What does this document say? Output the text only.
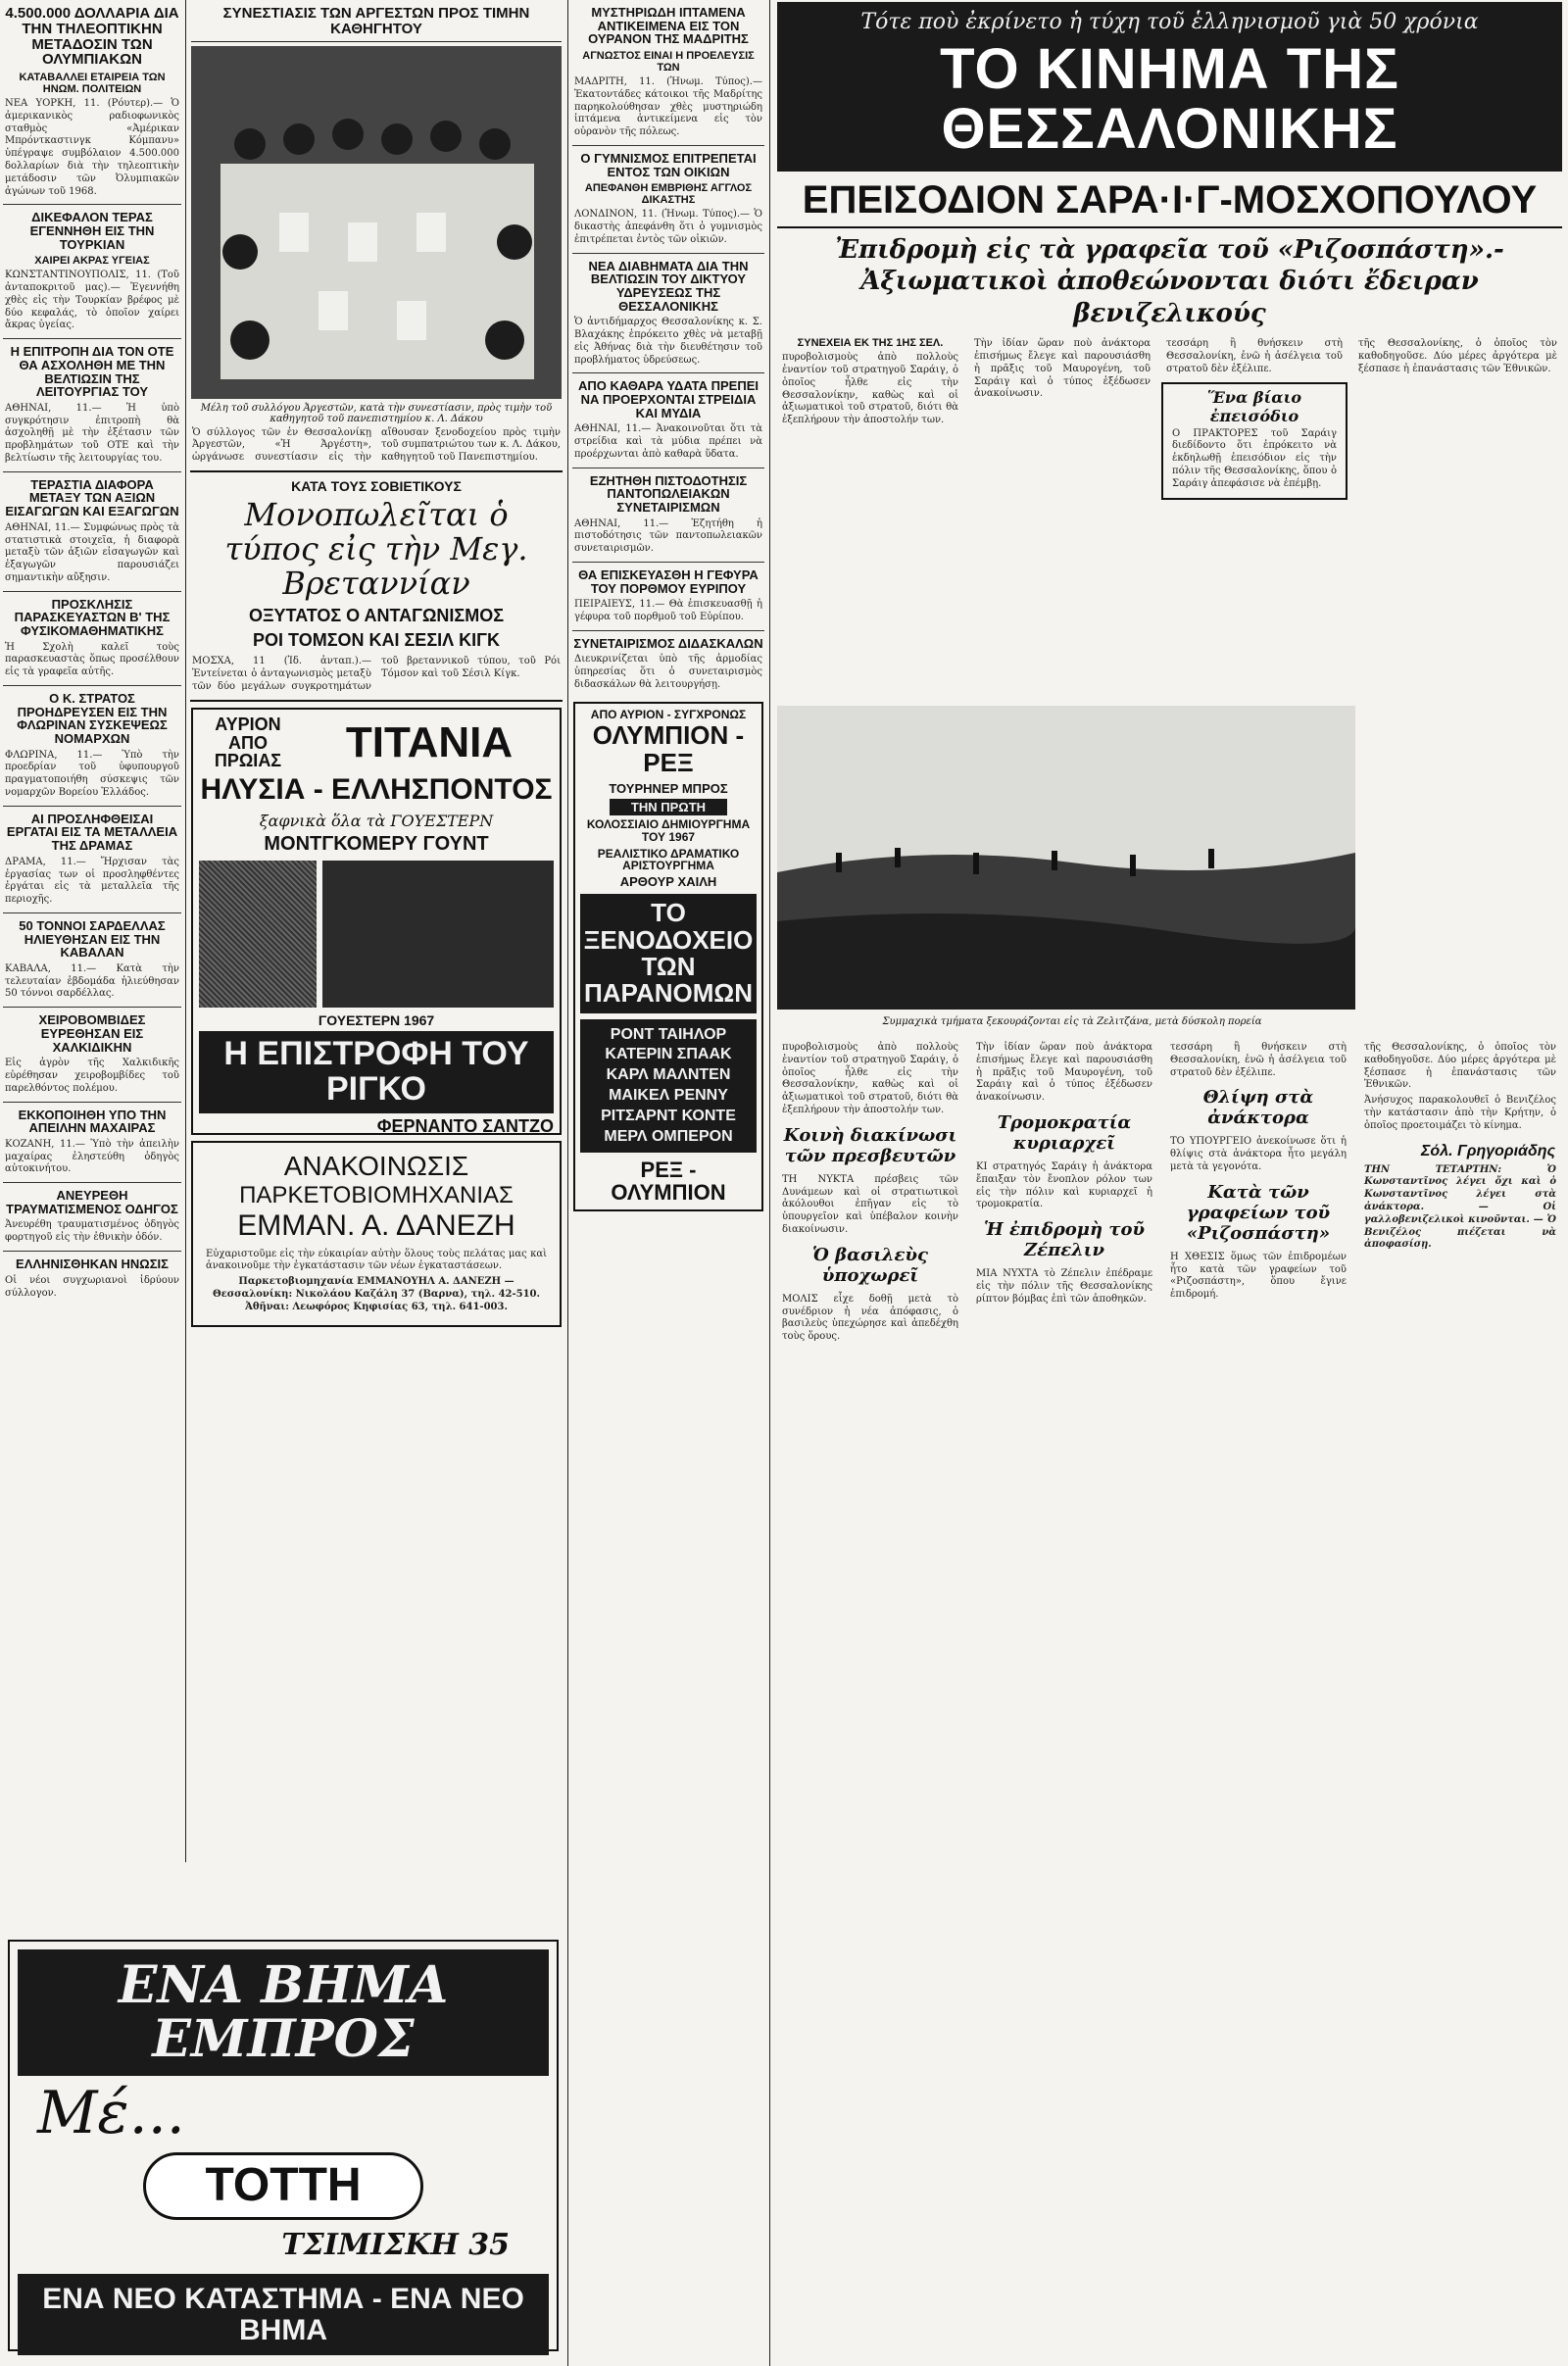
4.500.000 ΔΟΛΛΑΡΙΑ ΔΙΑ ΤΗΝ ΤΗΛΕΟΠΤΙΚΗΝ ΜΕΤΑΔΟΣΙΝ ΤΩΝ ΟΛΥΜΠΙΑΚΩΝ
ΚΑΤΑΒΑΛΛΕΙ ΕΤΑΙΡΕΙΑ ΤΩΝ ΗΝΩΜ. ΠΟΛΙΤΕΙΩΝ
ΝΕΑ ΥΟΡΚΗ, 11. (Ρόυτερ).— Ὁ ἀμερικανικὸς ραδιοφωνικὸς σταθμὸς «Ἀμέρικαν Μπρόντκαστινγκ Κόμπανυ» ὑπέγραψε συμβόλαιον 4.500.000 δολλαρίων διὰ τὴν τηλεοπτικὴν μετάδοσιν τῶν Ὀλυμπιακῶν ἀγώνων τοῦ 1968.
ΔΙΚΕΦΑΛΟΝ ΤΕΡΑΣ ΕΓΕΝΝΗΘΗ ΕΙΣ ΤΗΝ ΤΟΥΡΚΙΑΝ
ΧΑΙΡΕΙ ΑΚΡΑΣ ΥΓΕΙΑΣ
ΚΩΝΣΤΑΝΤΙΝΟΥΠΟΛΙΣ, 11. (Τοῦ ἀνταποκριτοῦ μας).— Ἐγεννήθη χθὲς εἰς τὴν Τουρκίαν βρέφος μὲ δύο κεφαλάς, τὸ ὁποῖον χαίρει ἄκρας ὑγείας.
Η ΕΠΙΤΡΟΠΗ ΔΙΑ ΤΟΝ ΟΤΕ ΘΑ ΑΣΧΟΛΗΘΗ ΜΕ ΤΗΝ ΒΕΛΤΙΩΣΙΝ ΤΗΣ ΛΕΙΤΟΥΡΓΙΑΣ ΤΟΥ
ΑΘΗΝΑΙ, 11.— Ἡ ὑπὸ συγκρότησιν ἐπιτροπὴ θὰ ἀσχοληθῇ μὲ τὴν ἐξέτασιν τῶν προβλημάτων τοῦ ΟΤΕ καὶ τὴν βελτίωσιν τῆς λειτουργίας του.
ΤΕΡΑΣΤΙΑ ΔΙΑΦΟΡΑ ΜΕΤΑΞΥ ΤΩΝ ΑΞΙΩΝ ΕΙΣΑΓΩΓΩΝ ΚΑΙ ΕΞΑΓΩΓΩΝ
ΑΘΗΝΑΙ, 11.— Συμφώνως πρὸς τὰ στατιστικὰ στοιχεῖα, ἡ διαφορὰ μεταξὺ τῶν ἀξιῶν εἰσαγωγῶν καὶ ἐξαγωγῶν παρουσιάζει σημαντικὴν αὔξησιν.
ΠΡΟΣΚΛΗΣΙΣ ΠΑΡΑΣΚΕΥΑΣΤΩΝ Β' ΤΗΣ ΦΥΣΙΚΟΜΑΘΗΜΑΤΙΚΗΣ
Ἡ Σχολὴ καλεῖ τοὺς παρασκευαστὰς ὅπως προσέλθουν εἰς τὰ γραφεῖα αὐτῆς.
Ο Κ. ΣΤΡΑΤΟΣ ΠΡΟΗΔΡΕΥΣΕΝ ΕΙΣ ΤΗΝ ΦΛΩΡΙΝΑΝ ΣΥΣΚΕΨΕΩΣ ΝΟΜΑΡΧΩΝ
ΦΛΩΡΙΝΑ, 11.— Ὑπὸ τὴν προεδρίαν τοῦ ὑφυπουργοῦ πραγματοποιήθη σύσκεψις τῶν νομαρχῶν Βορείου Ἑλλάδος.
ΑΙ ΠΡΟΣΛΗΦΘΕΙΣΑΙ ΕΡΓΑΤΑΙ ΕΙΣ ΤΑ ΜΕΤΑΛΛΕΙΑ ΤΗΣ ΔΡΑΜΑΣ
ΔΡΑΜΑ, 11.— Ἤρχισαν τὰς ἐργασίας των οἱ προσληφθέντες ἐργάται εἰς τὰ μεταλλεῖα τῆς περιοχῆς.
50 ΤΟΝΝΟΙ ΣΑΡΔΕΛΛΑΣ ΗΛΙΕΥΘΗΣΑΝ ΕΙΣ ΤΗΝ ΚΑΒΑΛΑΝ
ΚΑΒΑΛΑ, 11.— Κατὰ τὴν τελευταίαν ἑβδομάδα ἡλιεύθησαν 50 τόννοι σαρδέλλας.
ΧΕΙΡΟΒΟΜΒΙΔΕΣ ΕΥΡΕΘΗΣΑΝ ΕΙΣ ΧΑΛΚΙΔΙΚΗΝ
Εἰς ἀγρὸν τῆς Χαλκιδικῆς εὑρέθησαν χειροβομβίδες τοῦ παρελθόντος πολέμου.
ΕΚΚΟΠΟΙΗΘΗ ΥΠΟ ΤΗΝ ΑΠΕΙΛΗΝ ΜΑΧΑΙΡΑΣ
ΚΟΖΑΝΗ, 11.— Ὑπὸ τὴν ἀπειλὴν μαχαίρας ἐληστεύθη ὁδηγὸς αὐτοκινήτου.
ΑΝΕΥΡΕΘΗ ΤΡΑΥΜΑΤΙΣΜΕΝΟΣ ΟΔΗΓΟΣ
Ἀνευρέθη τραυματισμένος ὁδηγὸς φορτηγοῦ εἰς τὴν ἐθνικὴν ὁδόν.
ΕΛΛΗΝΙΣΘΗΚΑΝ ΗΝΩΣΙΣ
Οἱ νέοι συγχωριανοὶ ἱδρύουν σύλλογον.
ΣΥΝΕΣΤΙΑΣΙΣ ΤΩΝ ΑΡΓΕΣΤΩΝ ΠΡΟΣ ΤΙΜΗΝ ΚΑΘΗΓΗΤΟΥ
Μέλη τοῦ συλλόγου Ἀργεστῶν, κατὰ τὴν συνεστίασιν, πρὸς τιμὴν τοῦ καθηγητοῦ τοῦ πανεπιστημίου κ. Λ. Δάκου
Ὁ σύλλογος τῶν ἐν Θεσσαλονίκῃ Ἀργεστῶν, «Ἡ Ἀργέστη», ὠργάνωσε συνεστίασιν εἰς τὴν αἴθουσαν ξενοδοχείου πρὸς τιμὴν τοῦ συμπατριώτου των κ. Λ. Δάκου, καθηγητοῦ τοῦ Πανεπιστημίου.
ΚΑΤΑ ΤΟΥΣ ΣΟΒΙΕΤΙΚΟΥΣ
Μονοπωλεῖται ὁ τύπος εἰς τὴν Μεγ. Βρεταννίαν
ΟΞΥΤΑΤΟΣ Ο ΑΝΤΑΓΩΝΙΣΜΟΣ
ΡΟΙ ΤΟΜΣΟΝ ΚΑΙ ΣΕΣΙΛ ΚΙΓΚ
ΜΟΣΧΑ, 11 (Ἰδ. ἀνταπ.).— Ἐντείνεται ὁ ἀνταγωνισμὸς μεταξὺ τῶν δύο μεγάλων συγκροτημάτων τοῦ βρεταννικοῦ τύπου, τοῦ Ρόι Τόμσον καὶ τοῦ Σέσιλ Κίγκ.
ΑΥΡΙΟΝ ΑΠΟ ΠΡΩΙΑΣ	ΤΙΤΑΝΙΑ
ΗΛΥΣΙΑ - ΕΛΛΗΣΠΟΝΤΟΣ
ξαφνικὰ ὅλα τὰ ΓΟΥΕΣΤΕΡΝ
ΜΟΝΤΓΚΟΜΕΡΥ ΓΟΥΝΤ
ΓΟΥΕΣΤΕΡΝ 1967
Η ΕΠΙΣΤΡΟΦΗ ΤΟΥ ΡΙΓΚΟ
ΦΕΡΝΑΝΤΟ ΣΑΝΤΖΟ
ΑΝΑΚΟΙΝΩΣΙΣ
ΠΑΡΚΕΤΟΒΙΟΜΗΧΑΝΙΑΣ
ΕΜΜΑΝ. Α. ΔΑΝΕΖΗ
Εὐχαριστοῦμε εἰς τὴν εὐκαιρίαν αὐτὴν ὅλους τοὺς πελάτας μας καὶ ἀνακοινοῦμε τὴν ἐγκατάστασιν τῶν νέων ἐγκαταστάσεων.
Παρκετοβιομηχανία ΕΜΜΑΝΟΥΗΛ Α. ΔΑΝΕΖΗ — Θεσσαλονίκη: Νικολάου Καζάλη 37 (Βαρνα), τηλ. 42-510. Ἀθῆναι: Λεωφόρος Κηφισίας 63, τηλ. 641-003.
ΜΥΣΤΗΡΙΩΔΗ ΙΠΤΑΜΕΝΑ ΑΝΤΙΚΕΙΜΕΝΑ ΕΙΣ ΤΟΝ ΟΥΡΑΝΟΝ ΤΗΣ ΜΑΔΡΙΤΗΣ
ΑΓΝΩΣΤΟΣ ΕΙΝΑΙ Η ΠΡΟΕΛΕΥΣΙΣ ΤΩΝ
ΜΑΔΡΙΤΗ, 11. (Ἡνωμ. Τύπος).— Ἑκατοντάδες κάτοικοι τῆς Μαδρίτης παρηκολούθησαν χθὲς μυστηριώδη ἱπτάμενα ἀντικείμενα εἰς τὸν οὐρανὸν τῆς πόλεως.
Ο ΓΥΜΝΙΣΜΟΣ ΕΠΙΤΡΕΠΕΤΑΙ ΕΝΤΟΣ ΤΩΝ ΟΙΚΙΩΝ
ΑΠΕΦΑΝΘΗ ΕΜΒΡΙΘΗΣ ΑΓΓΛΟΣ ΔΙΚΑΣΤΗΣ
ΛΟΝΔΙΝΟΝ, 11. (Ἡνωμ. Τύπος).— Ὁ δικαστὴς ἀπεφάνθη ὅτι ὁ γυμνισμὸς ἐπιτρέπεται ἐντὸς τῶν οἰκιῶν.
ΝΕΑ ΔΙΑΒΗΜΑΤΑ ΔΙΑ ΤΗΝ ΒΕΛΤΙΩΣΙΝ ΤΟΥ ΔΙΚΤΥΟΥ ΥΔΡΕΥΣΕΩΣ ΤΗΣ ΘΕΣΣΑΛΟΝΙΚΗΣ
Ὁ ἀντιδήμαρχος Θεσσαλονίκης κ. Σ. Βλαχάκης ἐπρόκειτο χθὲς νὰ μεταβῇ εἰς Ἀθήνας διὰ τὴν διευθέτησιν τοῦ προβλήματος ὑδρεύσεως.
ΑΠΟ ΚΑΘΑΡΑ ΥΔΑΤΑ ΠΡΕΠΕΙ ΝΑ ΠΡΟΕΡΧΟΝΤΑΙ ΣΤΡΕΙΔΙΑ ΚΑΙ ΜΥΔΙΑ
ΑΘΗΝΑΙ, 11.— Ἀνακοινοῦται ὅτι τὰ στρείδια καὶ τὰ μύδια πρέπει νὰ προέρχωνται ἀπὸ καθαρὰ ὕδατα.
ΕΖΗΤΗΘΗ ΠΙΣΤΟΔΟΤΗΣΙΣ ΠΑΝΤΟΠΩΛΕΙΑΚΩΝ ΣΥΝΕΤΑΙΡΙΣΜΩΝ
ΑΘΗΝΑΙ, 11.— Ἐζητήθη ἡ πιστοδότησις τῶν παντοπωλειακῶν συνεταιρισμῶν.
ΘΑ ΕΠΙΣΚΕΥΑΣΘΗ Η ΓΕΦΥΡΑ ΤΟΥ ΠΟΡΘΜΟΥ ΕΥΡΙΠΟΥ
ΠΕΙΡΑΙΕΥΣ, 11.— Θὰ ἐπισκευασθῇ ἡ γέφυρα τοῦ πορθμοῦ τοῦ Εὐρίπου.
ΣΥΝΕΤΑΙΡΙΣΜΟΣ ΔΙΔΑΣΚΑΛΩΝ
Διευκρινίζεται ὑπὸ τῆς ἀρμοδίας ὑπηρεσίας ὅτι ὁ συνεταιρισμὸς διδασκάλων θὰ λειτουργήσῃ.
ΑΠΟ ΑΥΡΙΟΝ - ΣΥΓΧΡΟΝΩΣ
ΟΛΥΜΠΙΟΝ - ΡΕΞ
ΤΟΥΡΗΝΕΡ ΜΠΡΟΣ
ΤΗΝ ΠΡΩΤΗ
ΚΟΛΟΣΣΙΑΙΟ ΔΗΜΙΟΥΡΓΗΜΑ ΤΟΥ 1967
ΡΕΑΛΙΣΤΙΚΟ ΔΡΑΜΑΤΙΚΟ ΑΡΙΣΤΟΥΡΓΗΜΑ
ΑΡΘΟΥΡ ΧΑΙΛΗ
ΤΟ ΞΕΝΟΔΟΧΕΙΟ ΤΩΝ ΠΑΡΑΝΟΜΩΝ
ΡΟΝΤ ΤΑΙΗΛΟΡ ΚΑΤΕΡΙΝ ΣΠΑΑΚ ΚΑΡΛ ΜΑΛΝΤΕΝ ΜΑΙΚΕΛ ΡΕΝΝΥ ΡΙΤΣΑΡΝΤ ΚΟΝΤΕ ΜΕΡΛ ΟΜΠΕΡΟΝ
ΡΕΞ - ΟΛΥΜΠΙΟΝ
Τότε ποὺ ἐκρίνετο ἡ τύχη τοῦ ἑλληνισμοῦ γιὰ 50 χρόνια
ΤΟ ΚΙΝΗΜΑ ΤΗΣ ΘΕΣΣΑΛΟΝΙΚΗΣ
ΕΠΕΙΣΟΔΙΟΝ ΣΑΡΑ·Ι·Γ-ΜΟΣΧΟΠΟΥΛΟΥ
Ἐπιδρομὴ εἰς τὰ γραφεῖα τοῦ «Ριζοσπάστη».- Ἀξιωματικοὶ ἀποθεώνονται διότι ἔδειραν βενιζελικούς
ΣΥΝΕΧΕΙΑ ΕΚ ΤΗΣ 1ΗΣ ΣΕΛ.
πυροβολισμοὺς ἀπὸ πολλοὺς ἐναντίον τοῦ στρατηγοῦ Σαράιγ, ὁ ὁποῖος ἦλθε εἰς τὴν Θεσσαλονίκην, καθὼς καὶ οἱ ἀξιωματικοὶ τοῦ στρατοῦ, διότι θὰ ἐξεπλήρουν τὴν ἀποστολήν των.
Τὴν ἰδίαν ὥραν ποὺ ἀνάκτορα ἐπισήμως ἔλεγε καὶ παρουσιάσθη ἡ πρᾶξις τοῦ Μαυρογένη, τοῦ Σαράιγ καὶ ὁ τύπος ἐξέδωσεν ἀνακοίνωσιν.
τεσσάρη ἢ θνήσκειν στὴ Θεσσαλονίκη, ἐνῶ ἡ ἀσέλγεια τοῦ στρατοῦ δὲν ἐξέλιπε.
Ἕνα βίαιο ἐπεισόδιο
Ο ΠΡΑΚΤΟΡΕΣ τοῦ Σαράιγ διεδίδοντο ὅτι ἐπρόκειτο νὰ ἐκδηλωθῇ ἐπεισόδιον εἰς τὴν πόλιν τῆς Θεσσαλονίκης, ὅπου ὁ Σαράιγ ἀπεφάσισε νὰ ἐπέμβῃ.
τῆς Θεσσαλονίκης, ὁ ὁποῖος τὸν καθοδηγοῦσε. Δύο μέρες ἀργότερα μὲ ξέσπασε ἡ ἐπανάστασις τῶν Ἐθνικῶν.
Συμμαχικὰ τμήματα ξεκουράζονται εἰς τὰ Ζελιτζάνα, μετὰ δύσκολη πορεία
πυροβολισμοὺς ἀπὸ πολλοὺς ἐναντίον τοῦ στρατηγοῦ Σαράιγ, ὁ ὁποῖος ἦλθε εἰς τὴν Θεσσαλονίκην, καθὼς καὶ οἱ ἀξιωματικοὶ τοῦ στρατοῦ, διότι θὰ ἐξεπλήρουν τὴν ἀποστολήν των.
Κοινὴ διακίνωσι τῶν πρεσβευτῶν
ΤΗ ΝΥΚΤΑ πρέσβεις τῶν Δυνάμεων καὶ οἱ στρατιωτικοὶ ἀκόλουθοι ἐπῆγαν εἰς τὸ ὑπουργεῖον καὶ ὑπέβαλον κοινὴν διακοίνωσιν.
Ὁ βασιλεὺς ὑποχωρεῖ
ΜΟΛΙΣ εἶχε δοθῇ μετὰ τὸ συνέδριον ἡ νέα ἀπόφασις, ὁ βασιλεὺς ὑπεχώρησε καὶ ἀπεδέχθη τοὺς ὅρους.
Τὴν ἰδίαν ὥραν ποὺ ἀνάκτορα ἐπισήμως ἔλεγε καὶ παρουσιάσθη ἡ πρᾶξις τοῦ Μαυρογένη, τοῦ Σαράιγ καὶ ὁ τύπος ἐξέδωσεν ἀνακοίνωσιν.
Τρομοκρατία κυριαρχεῖ
ΚΙ στρατηγός Σαράιγ ἡ ἀνάκτορα ἔπαιξαν τὸν ἔνοπλον ρόλον των εἰς τὴν πόλιν καὶ κυριαρχεῖ ἡ τρομοκρατία.
Ἡ ἐπιδρομὴ τοῦ Ζέπελιν
ΜΙΑ ΝΥΧΤΑ τὸ Ζέπελιν ἐπέδραμε εἰς τὴν πόλιν τῆς Θεσσαλονίκης ρίπτον βόμβας ἐπὶ τῶν ἀποθηκῶν.
τεσσάρη ἢ θνήσκειν στὴ Θεσσαλονίκη, ἐνῶ ἡ ἀσέλγεια τοῦ στρατοῦ δὲν ἐξέλιπε.
Θλίψη στὰ ἀνάκτορα
ΤΟ ΥΠΟΥΡΓΕΙΟ ἀνεκοίνωσε ὅτι ἡ θλίψις στὰ ἀνάκτορα ἦτο μεγάλη μετὰ τὰ γεγονότα.
Κατὰ τῶν γραφείων τοῦ «Ριζοσπάστη»
Η ΧΘΕΣΙΣ ὅμως τῶν ἐπιδρομέων ἦτο κατὰ τῶν γραφείων τοῦ «Ριζοσπάστη», ὅπου ἔγινε ἐπιδρομή.
τῆς Θεσσαλονίκης, ὁ ὁποῖος τὸν καθοδηγοῦσε. Δύο μέρες ἀργότερα μὲ ξέσπασε ἡ ἐπανάστασις τῶν Ἐθνικῶν.
Ἀνήσυχος παρακολουθεῖ ὁ Βενιζέλος τὴν κατάστασιν ἀπὸ τὴν Κρήτην, ὁ ὁποῖος προετοιμάζει τὸ κίνημα.
Σόλ. Γρηγοριάδης
ΤΗΝ ΤΕΤΑΡΤΗΝ: Ὁ Κωνσταντῖνος λέγει ὄχι καὶ ὁ Κωνσταντῖνος λέγει στὰ ἀνάκτορα. — Οἱ γαλλοβενιζελικοὶ κινοῦνται. — Ὁ Βενιζέλος πιέζεται νὰ ἀποφασίσῃ.
ΕΝΑ ΒΗΜΑ ΕΜΠΡΟΣ
Μέ...
ΤΟΤΤΗ
ΤΣΙΜΙΣΚΗ 35
ΕΝΑ ΝΕΟ ΚΑΤΑΣΤΗΜΑ - ΕΝΑ ΝΕΟ ΒΗΜΑ
